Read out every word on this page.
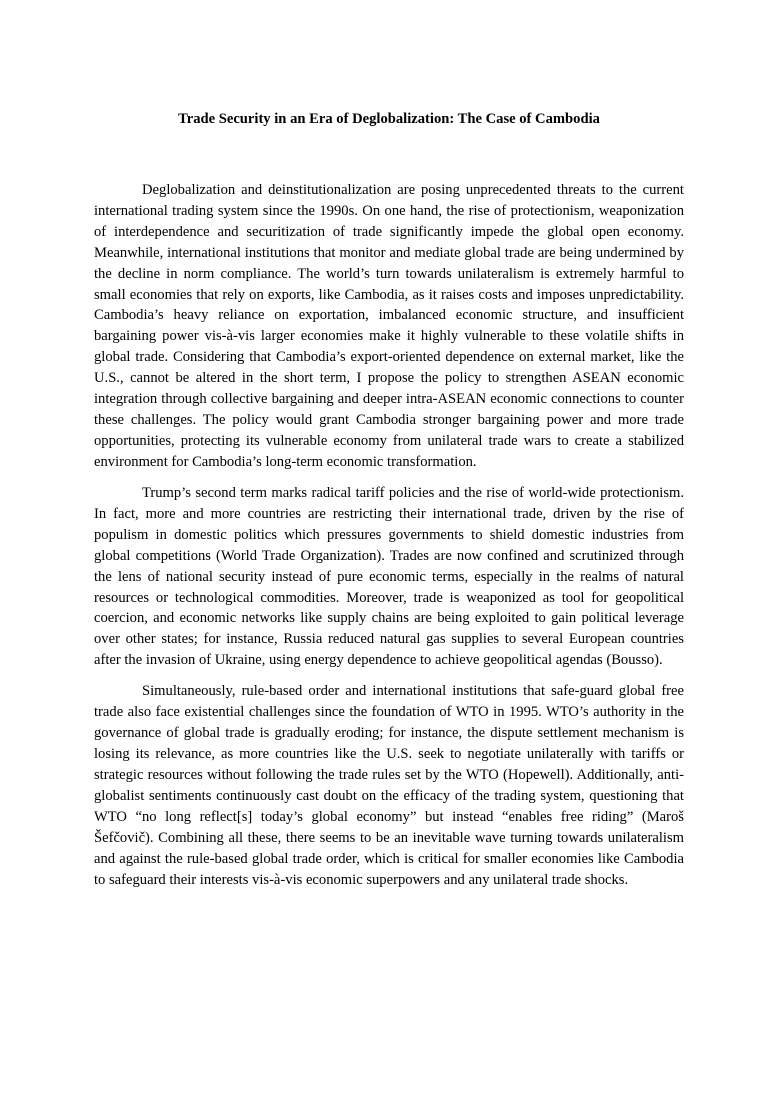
Trade Security in an Era of Deglobalization: The Case of Cambodia

Deglobalization and deinstitutionalization are posing unprecedented threats to the current international trading system since the 1990s. On one hand, the rise of protectionism, weaponization of interdependence and securitization of trade significantly impede the global open economy. Meanwhile, international institutions that monitor and mediate global trade are being undermined by the decline in norm compliance. The world’s turn towards unilateralism is extremely harmful to small economies that rely on exports, like Cambodia, as it raises costs and imposes unpredictability. Cambodia’s heavy reliance on exportation, imbalanced economic structure, and insufficient bargaining power vis-à-vis larger economies make it highly vulnerable to these volatile shifts in global trade. Considering that Cambodia’s export-oriented dependence on external market, like the U.S., cannot be altered in the short term, I propose the policy to strengthen ASEAN economic integration through collective bargaining and deeper intra-ASEAN economic connections to counter these challenges. The policy would grant Cambodia stronger bargaining power and more trade opportunities, protecting its vulnerable economy from unilateral trade wars to create a stabilized environment for Cambodia’s long-term economic transformation.

Trump’s second term marks radical tariff policies and the rise of world-wide protectionism. In fact, more and more countries are restricting their international trade, driven by the rise of populism in domestic politics which pressures governments to shield domestic industries from global competitions (World Trade Organization). Trades are now confined and scrutinized through the lens of national security instead of pure economic terms, especially in the realms of natural resources or technological commodities. Moreover, trade is weaponized as tool for geopolitical coercion, and economic networks like supply chains are being exploited to gain political leverage over other states; for instance, Russia reduced natural gas supplies to several European countries after the invasion of Ukraine, using energy dependence to achieve geopolitical agendas (Bousso).

Simultaneously, rule-based order and international institutions that safe-guard global free trade also face existential challenges since the foundation of WTO in 1995. WTO’s authority in the governance of global trade is gradually eroding; for instance, the dispute settlement mechanism is losing its relevance, as more countries like the U.S. seek to negotiate unilaterally with tariffs or strategic resources without following the trade rules set by the WTO (Hopewell). Additionally, anti-globalist sentiments continuously cast doubt on the efficacy of the trading system, questioning that WTO “no long reflect[s] today’s global economy” but instead “enables free riding” (Maroš Šefčovič). Combining all these, there seems to be an inevitable wave turning towards unilateralism and against the rule-based global trade order, which is critical for smaller economies like Cambodia to safeguard their interests vis-à-vis economic superpowers and any unilateral trade shocks.
